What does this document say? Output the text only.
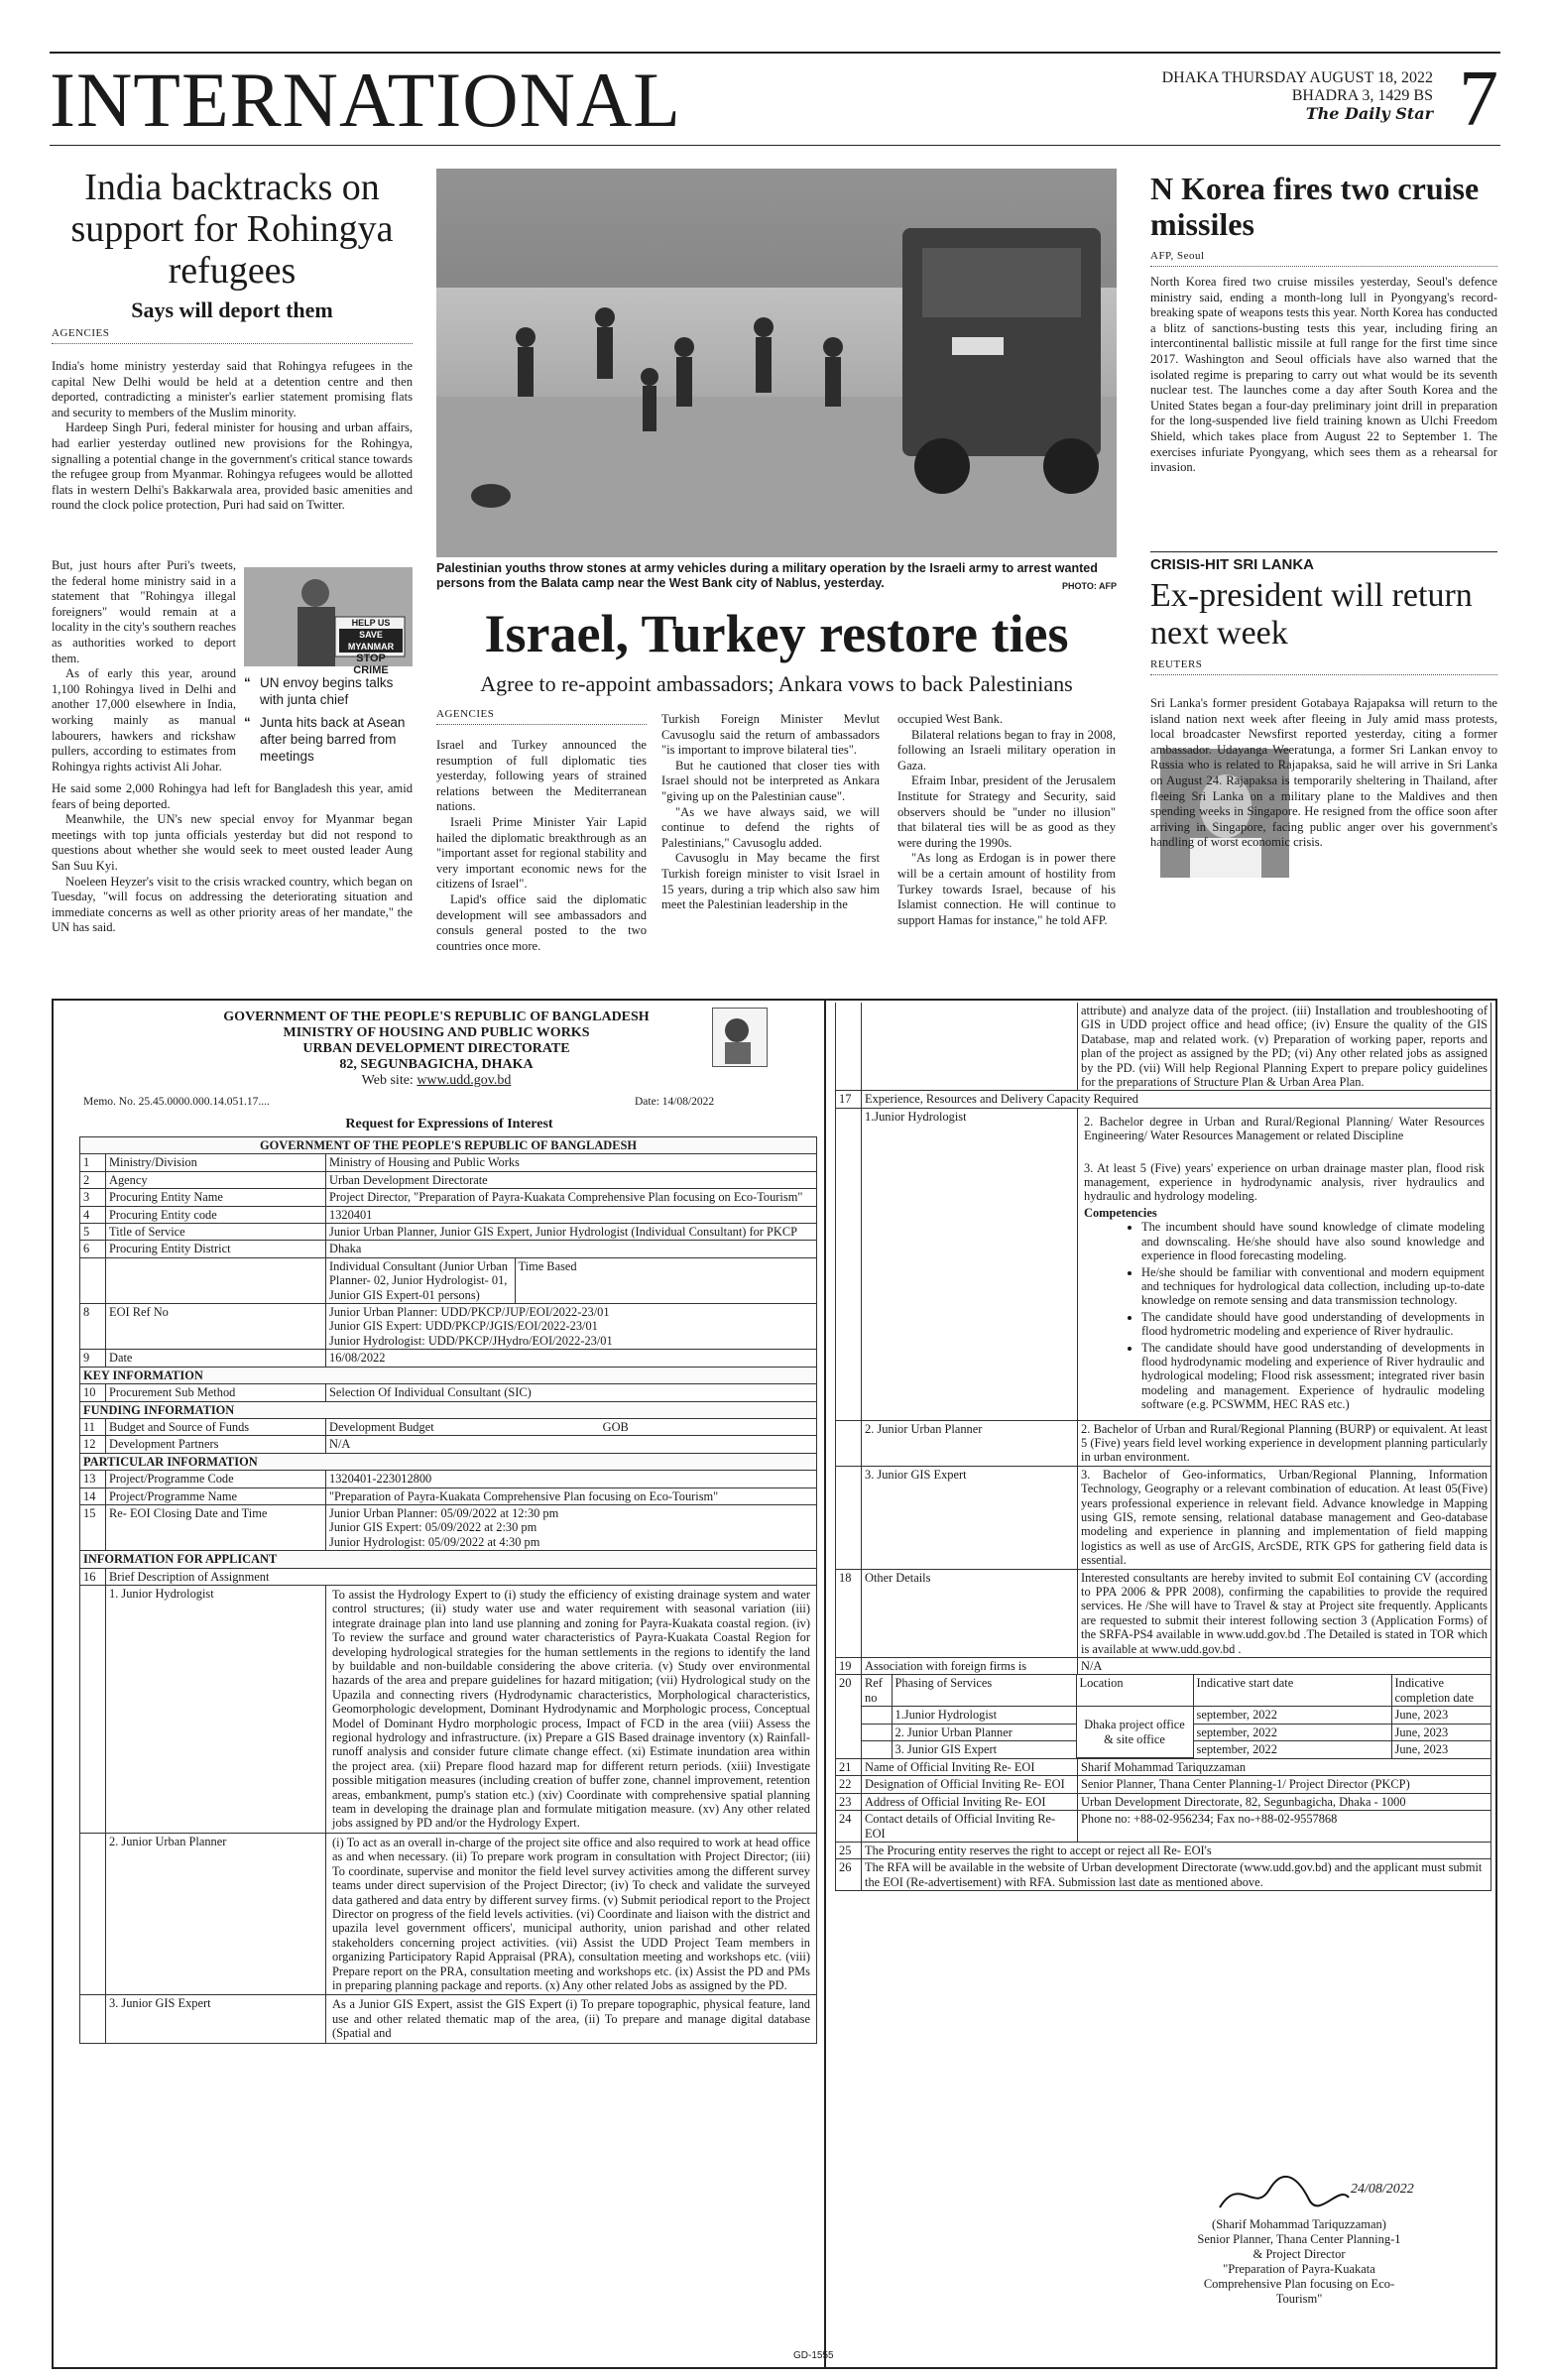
INTERNATIONAL	DHAKA THURSDAY AUGUST 18, 2022
BHADRA 3, 1429 BS
The Daily Star 7
India backtracks on support for Rohingya refugees
Says will deport them
AGENCIES

India's home ministry yesterday said that Rohingya refugees in the capital New Delhi would be held at a detention centre and then deported, contradicting a minister's earlier statement promising flats and security to members of the Muslim minority.

Hardeep Singh Puri, federal minister for housing and urban affairs, had earlier yesterday outlined new provisions for the Rohingya, signalling a potential change in the government's critical stance towards the refugee group from Myanmar. Rohingya refugees would be allotted flats in western Delhi's Bakkarwala area, provided basic amenities and round the clock police protection, Puri had said on Twitter.

But, just hours after Puri's tweets, the federal home ministry said in a statement that "Rohingya illegal foreigners" would remain at a locality in the city's southern reaches as authorities worked to deport them.

As of early this year, around 1,100 Rohingya lived in Delhi and another 17,000 elsewhere in India, working mainly as manual labourers, hawkers and rickshaw pullers, according to estimates from Rohingya rights activist Ali Johar.

HELP US
SAVE MYANMAR
STOP CRIME
“ UN envoy begins talks with junta chief
“ Junta hits back at Asean after being barred from meetings

He said some 2,000 Rohingya had left for Bangladesh this year, amid fears of being deported.

Meanwhile, the UN's new special envoy for Myanmar began meetings with top junta officials yesterday but did not respond to questions about whether she would seek to meet ousted leader Aung San Suu Kyi.

Noeleen Heyzer's visit to the crisis wracked country, which began on Tuesday, "will focus on addressing the deteriorating situation and immediate concerns as well as other priority areas of her mandate," the UN has said.

Palestinian youths throw stones at army vehicles during a military operation by the Israeli army to arrest wanted persons from the Balata camp near the West Bank city of Nablus, yesterday.	PHOTO: AFP
Israel, Turkey restore ties
Agree to re-appoint ambassadors; Ankara vows to back Palestinians
AGENCIES

Israel and Turkey announced the resumption of full diplomatic ties yesterday, following years of strained relations between the Mediterranean nations.

Israeli Prime Minister Yair Lapid hailed the diplomatic breakthrough as an "important asset for regional stability and very important economic news for the citizens of Israel".

Lapid's office said the diplomatic development will see ambassadors and consuls general posted to the two countries once more.

Turkish Foreign Minister Mevlut Cavusoglu said the return of ambassadors "is important to improve bilateral ties".

But he cautioned that closer ties with Israel should not be interpreted as Ankara "giving up on the Palestinian cause".

"As we have always said, we will continue to defend the rights of Palestinians," Cavusoglu added.

Cavusoglu in May became the first Turkish foreign minister to visit Israel in 15 years, during a trip which also saw him meet the Palestinian leadership in the

occupied West Bank.

Bilateral relations began to fray in 2008, following an Israeli military operation in Gaza.

Efraim Inbar, president of the Jerusalem Institute for Strategy and Security, said observers should be "under no illusion" that bilateral ties will be as good as they were during the 1990s.

"As long as Erdogan is in power there will be a certain amount of hostility from Turkey towards Israel, because of his Islamist connection. He will continue to support Hamas for instance," he told AFP.

N Korea fires two cruise missiles
AFP, Seoul

North Korea fired two cruise missiles yesterday, Seoul's defence ministry said, ending a month-long lull in Pyongyang's record-breaking spate of weapons tests this year. North Korea has conducted a blitz of sanctions-busting tests this year, including firing an intercontinental ballistic missile at full range for the first time since 2017. Washington and Seoul officials have also warned that the isolated regime is preparing to carry out what would be its seventh nuclear test. The launches come a day after South Korea and the United States began a four-day preliminary joint drill in preparation for the long-suspended live field training known as Ulchi Freedom Shield, which takes place from August 22 to September 1. The exercises infuriate Pyongyang, which sees them as a rehearsal for invasion.

CRISIS-HIT SRI LANKA
Ex-president will return next week
REUTERS

Sri Lanka's former president Gotabaya Rajapaksa will return to the island nation next week after fleeing in July amid mass protests, local broadcaster Newsfirst reported yesterday, citing a former ambassador. Udayanga Weeratunga, a former Sri Lankan envoy to Russia who is related to Rajapaksa, said he will arrive in Sri Lanka on August 24. Rajapaksa is temporarily sheltering in Thailand, after fleeing Sri Lanka on a military plane to the Maldives and then spending weeks in Singapore. He resigned from the office soon after arriving in Singapore, facing public anger over his government's handling of worst economic crisis.

GOVERNMENT OF THE PEOPLE'S REPUBLIC OF BANGLADESH
MINISTRY OF HOUSING AND PUBLIC WORKS
URBAN DEVELOPMENT DIRECTORATE
82, SEGUNBAGICHA, DHAKA
Web site: www.udd.gov.bd
Memo. No. 25.45.0000.000.14.051.17....	Date: 14/08/2022
Request for Expressions of Interest
GOVERNMENT OF THE PEOPLE'S REPUBLIC OF BANGLADESH
1	Ministry/Division	Ministry of Housing and Public Works
2	Agency	Urban Development Directorate
3	Procuring Entity Name	Project Director, "Preparation of Payra-Kuakata Comprehensive Plan focusing on Eco-Tourism"
4	Procuring Entity code	1320401
5	Title of Service	Junior Urban Planner, Junior GIS Expert, Junior Hydrologist (Individual Consultant) for PKCP
6	Procuring Entity District	Dhaka

Individual Consultant (Junior Urban Planner- 02, Junior Hydrologist- 01, Junior GIS Expert-01 persons)	Time Based

8	EOI Ref No	Junior Urban Planner: UDD/PKCP/JUP/EOI/2022-23/01
Junior GIS Expert: UDD/PKCP/JGIS/EOI/2022-23/01
Junior Hydrologist: UDD/PKCP/JHydro/EOI/2022-23/01

9	Date	16/08/2022
KEY INFORMATION
10	Procurement Sub Method	Selection Of Individual Consultant (SIC)
FUNDING INFORMATION
11	Budget and Source of Funds	Development Budget	GOB
12	Development Partners	N/A
PARTICULAR INFORMATION
13	Project/Programme Code	1320401-223012800
14	Project/Programme Name	"Preparation of Payra-Kuakata Comprehensive Plan focusing on Eco-Tourism"
15	Re- EOI Closing Date and Time	Junior Urban Planner: 05/09/2022 at 12:30 pm
Junior GIS Expert: 05/09/2022 at 2:30 pm
Junior Hydrologist: 05/09/2022 at 4:30 pm

INFORMATION FOR APPLICANT
16	Brief Description of Assignment
	1. Junior Hydrologist	To assist the Hydrology Expert to (i) study the efficiency of existing drainage system and water control structures; (ii) study water use and water requirement with seasonal variation (iii) integrate drainage plan into land use planning and zoning for Payra-Kuakata coastal region. (iv) To review the surface and ground water characteristics of Payra-Kuakata Coastal Region for developing hydrological strategies for the human settlements in the regions to identify the land by buildable and non-buildable considering the above criteria. (v) Study over environmental hazards of the area and prepare guidelines for hazard mitigation; (vii) Hydrological study on the Upazila and connecting rivers (Hydrodynamic characteristics, Morphological characteristics, Geomorphologic development, Dominant Hydrodynamic and Morphologic process, Conceptual Model of Dominant Hydro morphologic process, Impact of FCD in the area (viii) Assess the regional hydrology and infrastructure. (ix) Prepare a GIS Based drainage inventory (x) Rainfall-runoff analysis and consider future climate change effect. (xi) Estimate inundation area within the project area. (xii) Prepare flood hazard map for different return periods. (xiii) Investigate possible mitigation measures (including creation of buffer zone, channel improvement, retention areas, embankment, pump's station etc.) (xiv) Coordinate with comprehensive spatial planning team in developing the drainage plan and formulate mitigation measure. (xv) Any other related jobs assigned by PD and/or the Hydrology Expert.
	2. Junior Urban Planner	(i) To act as an overall in-charge of the project site office and also required to work at head office as and when necessary. (ii) To prepare work program in consultation with Project Director; (iii) To coordinate, supervise and monitor the field level survey activities among the different survey teams under direct supervision of the Project Director; (iv) To check and validate the surveyed data gathered and data entry by different survey firms. (v) Submit periodical report to the Project Director on progress of the field levels activities. (vi) Coordinate and liaison with the district and upazila level government officers', municipal authority, union parishad and other related stakeholders concerning project activities. (vii) Assist the UDD Project Team members in organizing Participatory Rapid Appraisal (PRA), consultation meeting and workshops etc. (viii) Prepare report on the PRA, consultation meeting and workshops etc. (ix) Assist the PD and PMs in preparing planning package and reports. (x) Any other related Jobs as assigned by the PD.
	3. Junior GIS Expert	As a Junior GIS Expert, assist the GIS Expert (i) To prepare topographic, physical feature, land use and other related thematic map of the area, (ii) To prepare and manage digital database (Spatial and
		attribute) and analyze data of the project. (iii) Installation and troubleshooting of GIS in UDD project office and head office; (iv) Ensure the quality of the GIS Database, map and related work. (v) Preparation of working paper, reports and plan of the project as assigned by the PD; (vi) Any other related jobs as assigned by the PD. (vii) Will help Regional Planning Expert to prepare policy guidelines for the preparations of Structure Plan & Urban Area Plan.
17	Experience, Resources and Delivery Capacity Required
	1.Junior Hydrologist	2. Bachelor degree in Urban and Rural/Regional Planning/ Water Resources Engineering/ Water Resources Management or related Discipline
3. At least 5 (Five) years' experience on urban drainage master plan, flood risk management, experience in hydrodynamic analysis, river hydraulics and hydraulic and hydrology modeling.
Competencies
• The incumbent should have sound knowledge of climate modeling and downscaling. He/she should have also sound knowledge and experience in flood forecasting modeling.
• He/she should be familiar with conventional and modern equipment and techniques for hydrological data collection, including up-to-date knowledge on remote sensing and data transmission technology.
• The candidate should have good understanding of developments in flood hydrometric modeling and experience of River hydraulic.
• The candidate should have good understanding of developments in flood hydrodynamic modeling and experience of River hydraulic and hydrological modeling; Flood risk assessment; integrated river basin modeling and management. Experience of hydraulic modeling software (e.g. PCSWMM, HEC RAS etc.)

	2. Junior Urban Planner	2. Bachelor of Urban and Rural/Regional Planning (BURP) or equivalent. At least 5 (Five) years field level working experience in development planning particularly in urban environment.
	3. Junior GIS Expert	3. Bachelor of Geo-informatics, Urban/Regional Planning, Information Technology, Geography or a relevant combination of education. At least 05(Five) years professional experience in relevant field. Advance knowledge in Mapping using GIS, remote sensing, relational database management and Geo-database modeling and experience in planning and implementation of field mapping logistics as well as use of ArcGIS, ArcSDE, RTK GPS for gathering field data is essential.
18	Other Details	Interested consultants are hereby invited to submit EoI containing CV (according to PPA 2006 & PPR 2008), confirming the capabilities to provide the required services. He /She will have to Travel & stay at Project site frequently. Applicants are requested to submit their interest following section 3 (Application Forms) of the SRFA-PS4 available in www.udd.gov.bd .The Detailed is stated in TOR which is available at www.udd.gov.bd .
19	Association with foreign firms is	N/A
20	Ref no	Phasing of Services	Location	Indicative start date	Indicative completion date
	1.Junior Hydrologist	Dhaka project office & site office	september, 2022	June, 2023
	2. Junior Urban Planner	september, 2022	June, 2023
	3. Junior GIS Expert	september, 2022	June, 2023

21	Name of Official Inviting Re- EOI	Sharif Mohammad Tariquzzaman
22	Designation of Official Inviting Re- EOI	Senior Planner, Thana Center Planning-1/ Project Director (PKCP)
23	Address of Official Inviting Re- EOI	Urban Development Directorate, 82, Segunbagicha, Dhaka - 1000
24	Contact details of Official Inviting Re- EOI	Phone no: +88-02-956234; Fax no-+88-02-9557868
25	The Procuring entity reserves the right to accept or reject all Re- EOI's
26	The RFA will be available in the website of Urban development Directorate (www.udd.gov.bd) and the applicant must submit the EOI (Re-advertisement) with RFA. Submission last date as mentioned above.
24/08/2022
(Sharif Mohammad Tariquzzaman)
Senior Planner, Thana Center Planning-1
& Project Director
"Preparation of Payra-Kuakata
Comprehensive Plan focusing on Eco-
Tourism"
GD-1555
